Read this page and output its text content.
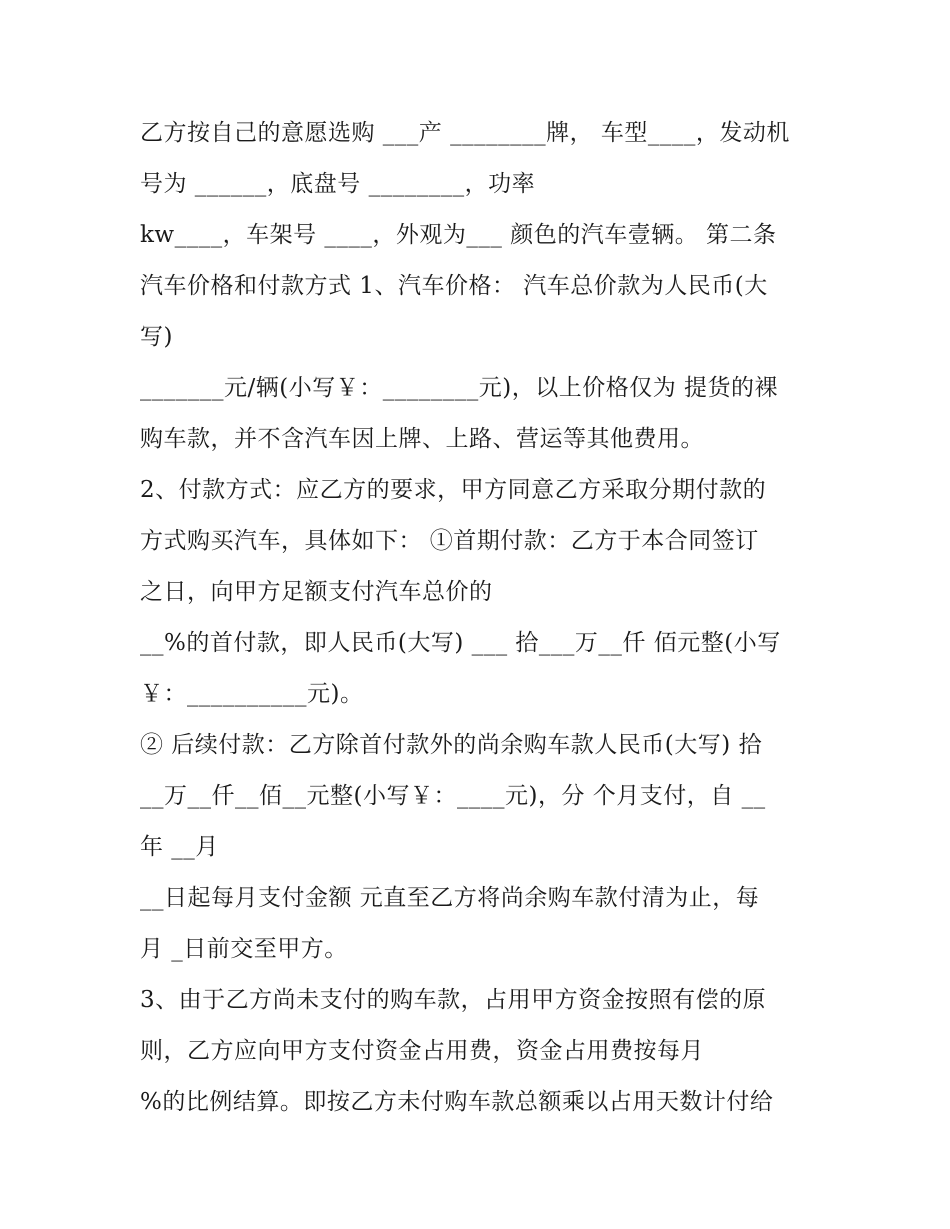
乙方按自己的意愿选购 ___产 ________牌， 车型____，发动机
号为 ______，底盘号 ________，功率
kw____，车架号 ____，外观为___ 颜色的汽车壹辆。 第二条
汽车价格和付款方式 1、汽车价格： 汽车总价款为人民币(大
写)
_______元/辆(小写￥：________元)，以上价格仅为 提货的裸
购车款，并不含汽车因上牌、上路、营运等其他费用。
2、付款方式：应乙方的要求，甲方同意乙方采取分期付款的
方式购买汽车，具体如下： ①首期付款：乙方于本合同签订
之日，向甲方足额支付汽车总价的
__%的首付款，即人民币(大写) ___ 拾___万__仟 佰元整(小写
￥：__________元)。
② 后续付款：乙方除首付款外的尚余购车款人民币(大写) 拾
__万__仟__佰__元整(小写￥：____元)，分 个月支付，自 __
年 __月
__日起每月支付金额 元直至乙方将尚余购车款付清为止，每
月 _日前交至甲方。
3、由于乙方尚未支付的购车款，占用甲方资金按照有偿的原
则，乙方应向甲方支付资金占用费，资金占用费按每月
%的比例结算。即按乙方未付购车款总额乘以占用天数计付给
